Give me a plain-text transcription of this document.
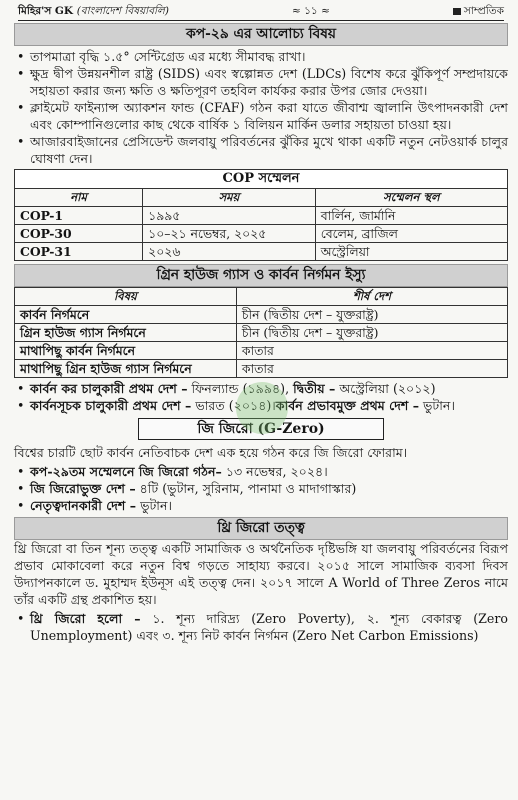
মিহির'স GK (বাংলাদেশ বিষয়াবলি)	≈ ১১ ≈	সাম্প্রতিক
কপ-২৯ এর আলোচ্য বিষয়
• তাপমাত্রা বৃদ্ধি ১.৫° সেন্টিগ্রেড এর মধ্যে সীমাবদ্ধ রাখা।
• ক্ষুদ্র দ্বীপ উন্নয়নশীল রাষ্ট্র (SIDS) এবং স্বল্পোন্নত দেশ (LDCs) বিশেষ করে ঝুঁকিপূর্ণ সম্প্রদায়কে সহায়তা করার জন্য ক্ষতি ও ক্ষতিপূরণ তহবিল কার্যকর করার উপর জোর দেওয়া।
• ক্লাইমেট ফাইন্যান্স অ্যাকশন ফান্ড (CFAF) গঠন করা যাতে জীবাশ্ম জ্বালানি উৎপাদনকারী দেশ এবং কোম্পানিগুলোর কাছ থেকে বার্ষিক ১ বিলিয়ন মার্কিন ডলার সহায়তা চাওয়া হয়।
• আজারবাইজানের প্রেসিডেন্ট জলবায়ু পরিবর্তনের ঝুঁকির মুখে থাকা একটি নতুন নেটওয়ার্ক চালুর ঘোষণা দেন।
COP সম্মেলন
নাম	সময়	সম্মেলন স্থল
COP-1	১৯৯৫	বার্লিন, জার্মানি
COP-30	১০–২১ নভেম্বর, ২০২৫	বেলেম, ব্রাজিল
COP-31	২০২৬	অস্ট্রেলিয়া
গ্রিন হাউজ গ্যাস ও কার্বন নির্গমন ইস্যু
বিষয়	শীর্ষ দেশ
কার্বন নির্গমনে	চীন (দ্বিতীয় দেশ – যুক্তরাষ্ট্র)
গ্রিন হাউজ গ্যাস নির্গমনে	চীন (দ্বিতীয় দেশ – যুক্তরাষ্ট্র)
মাথাপিছু কার্বন নির্গমনে	কাতার
মাথাপিছু গ্রিন হাউজ গ্যাস নির্গমনে	কাতার
• কার্বন কর চালুকারী প্রথম দেশ – ফিনল্যান্ড (১৯৯৪), দ্বিতীয় – অস্ট্রেলিয়া (২০১২)
• কার্বনসূচক চালুকারী প্রথম দেশ – ভারত (২০১৪)।কার্বন প্রভাবমুক্ত প্রথম দেশ – ভুটান।
জি জিরো (G-Zero)

বিশ্বের চারটি ছোট কার্বন নেতিবাচক দেশ এক হয়ে গঠন করে জি জিরো ফোরাম।

• কপ-২৯তম সম্মেলনে জি জিরো গঠন– ১৩ নভেম্বর, ২০২৪।
• জি জিরোভুক্ত দেশ – ৪টি (ভুটান, সুরিনাম, পানামা ও মাদাগাস্কার)
• নেতৃত্বদানকারী দেশ – ভুটান।
থ্রি জিরো তত্ত্ব

থ্রি জিরো বা তিন শূন্য তত্ত্ব একটি সামাজিক ও অর্থনৈতিক দৃষ্টিভঙ্গি যা জলবায়ু পরিবর্তনের বিরূপ প্রভাব মোকাবেলা করে নতুন বিশ্ব গড়তে সাহায্য করবে। ২০১৫ সালে সামাজিক ব্যবসা দিবস উদ্যাপনকালে ড. মুহাম্মদ ইউনূস এই তত্ত্ব দেন। ২০১৭ সালে A World of Three Zeros নামে তাঁর একটি গ্রন্থ প্রকাশিত হয়।

• থ্রি জিরো হলো – ১. শূন্য দারিদ্র্য (Zero Poverty), ২. শূন্য বেকারত্ব (Zero Unemployment) এবং ৩. শূন্য নিট কার্বন নির্গমন (Zero Net Carbon Emissions)
